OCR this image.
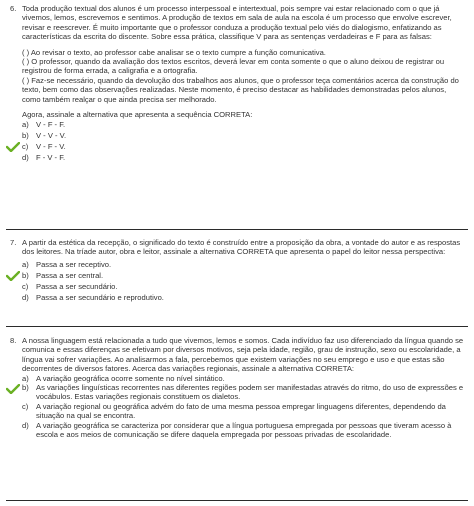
6. Toda produção textual dos alunos é um processo interpessoal e intertextual, pois sempre vai estar relacionado com o que já vivemos, lemos, escrevemos e sentimos. A produção de textos em sala de aula na escola é um processo que envolve escrever, revisar e reescrever. É muito importante que o professor conduza a produção textual pelo viés do dialogismo, enfatizando as características da escrita do discente. Sobre essa prática, classifique V para as sentenças verdadeiras e F para as falsas:
( ) Ao revisar o texto, ao professor cabe analisar se o texto cumpre a função comunicativa.
( ) O professor, quando da avaliação dos textos escritos, deverá levar em conta somente o que o aluno deixou de registrar ou registrou de forma errada, a caligrafia e a ortografia.
( ) Faz-se necessário, quando da devolução dos trabalhos aos alunos, que o professor teça comentários acerca da construção do texto, bem como das observações realizadas. Neste momento, é preciso destacar as habilidades demonstradas pelos alunos, como também realçar o que ainda precisa ser melhorado.
Agora, assinale a alternativa que apresenta a sequência CORRETA:
a) V - F - F.
b) V - V - V.
c) V - F - V.
d) F - V - F.
7. A partir da estética da recepção, o significado do texto é construído entre a proposição da obra, a vontade do autor e as respostas dos leitores. Na tríade autor, obra e leitor, assinale a alternativa CORRETA que apresenta o papel do leitor nessa perspectiva:
a) Passa a ser receptivo.
b) Passa a ser central.
c) Passa a ser secundário.
d) Passa a ser secundário e reprodutivo.
8. A nossa linguagem está relacionada a tudo que vivemos, lemos e somos. Cada indivíduo faz uso diferenciado da língua quando se comunica e essas diferenças se efetivam por diversos motivos, seja pela idade, região, grau de instrução, sexo ou escolaridade, a língua vai sofrer variações. Ao analisarmos a fala, percebemos que existem variações no seu emprego e uso e que estas são decorrentes de diversos fatores. Acerca das variações regionais, assinale a alternativa CORRETA:
a) A variação geográfica ocorre somente no nível sintático.
b) As variações linguísticas recorrentes nas diferentes regiões podem ser manifestadas através do ritmo, do uso de expressões e vocábulos. Estas variações regionais constituem os dialetos.
c) A variação regional ou geográfica advém do fato de uma mesma pessoa empregar linguagens diferentes, dependendo da situação na qual se encontra.
d) A variação geográfica se caracteriza por considerar que a língua portuguesa empregada por pessoas que tiveram acesso à escola e aos meios de comunicação se difere daquela empregada por pessoas privadas de escolaridade.
